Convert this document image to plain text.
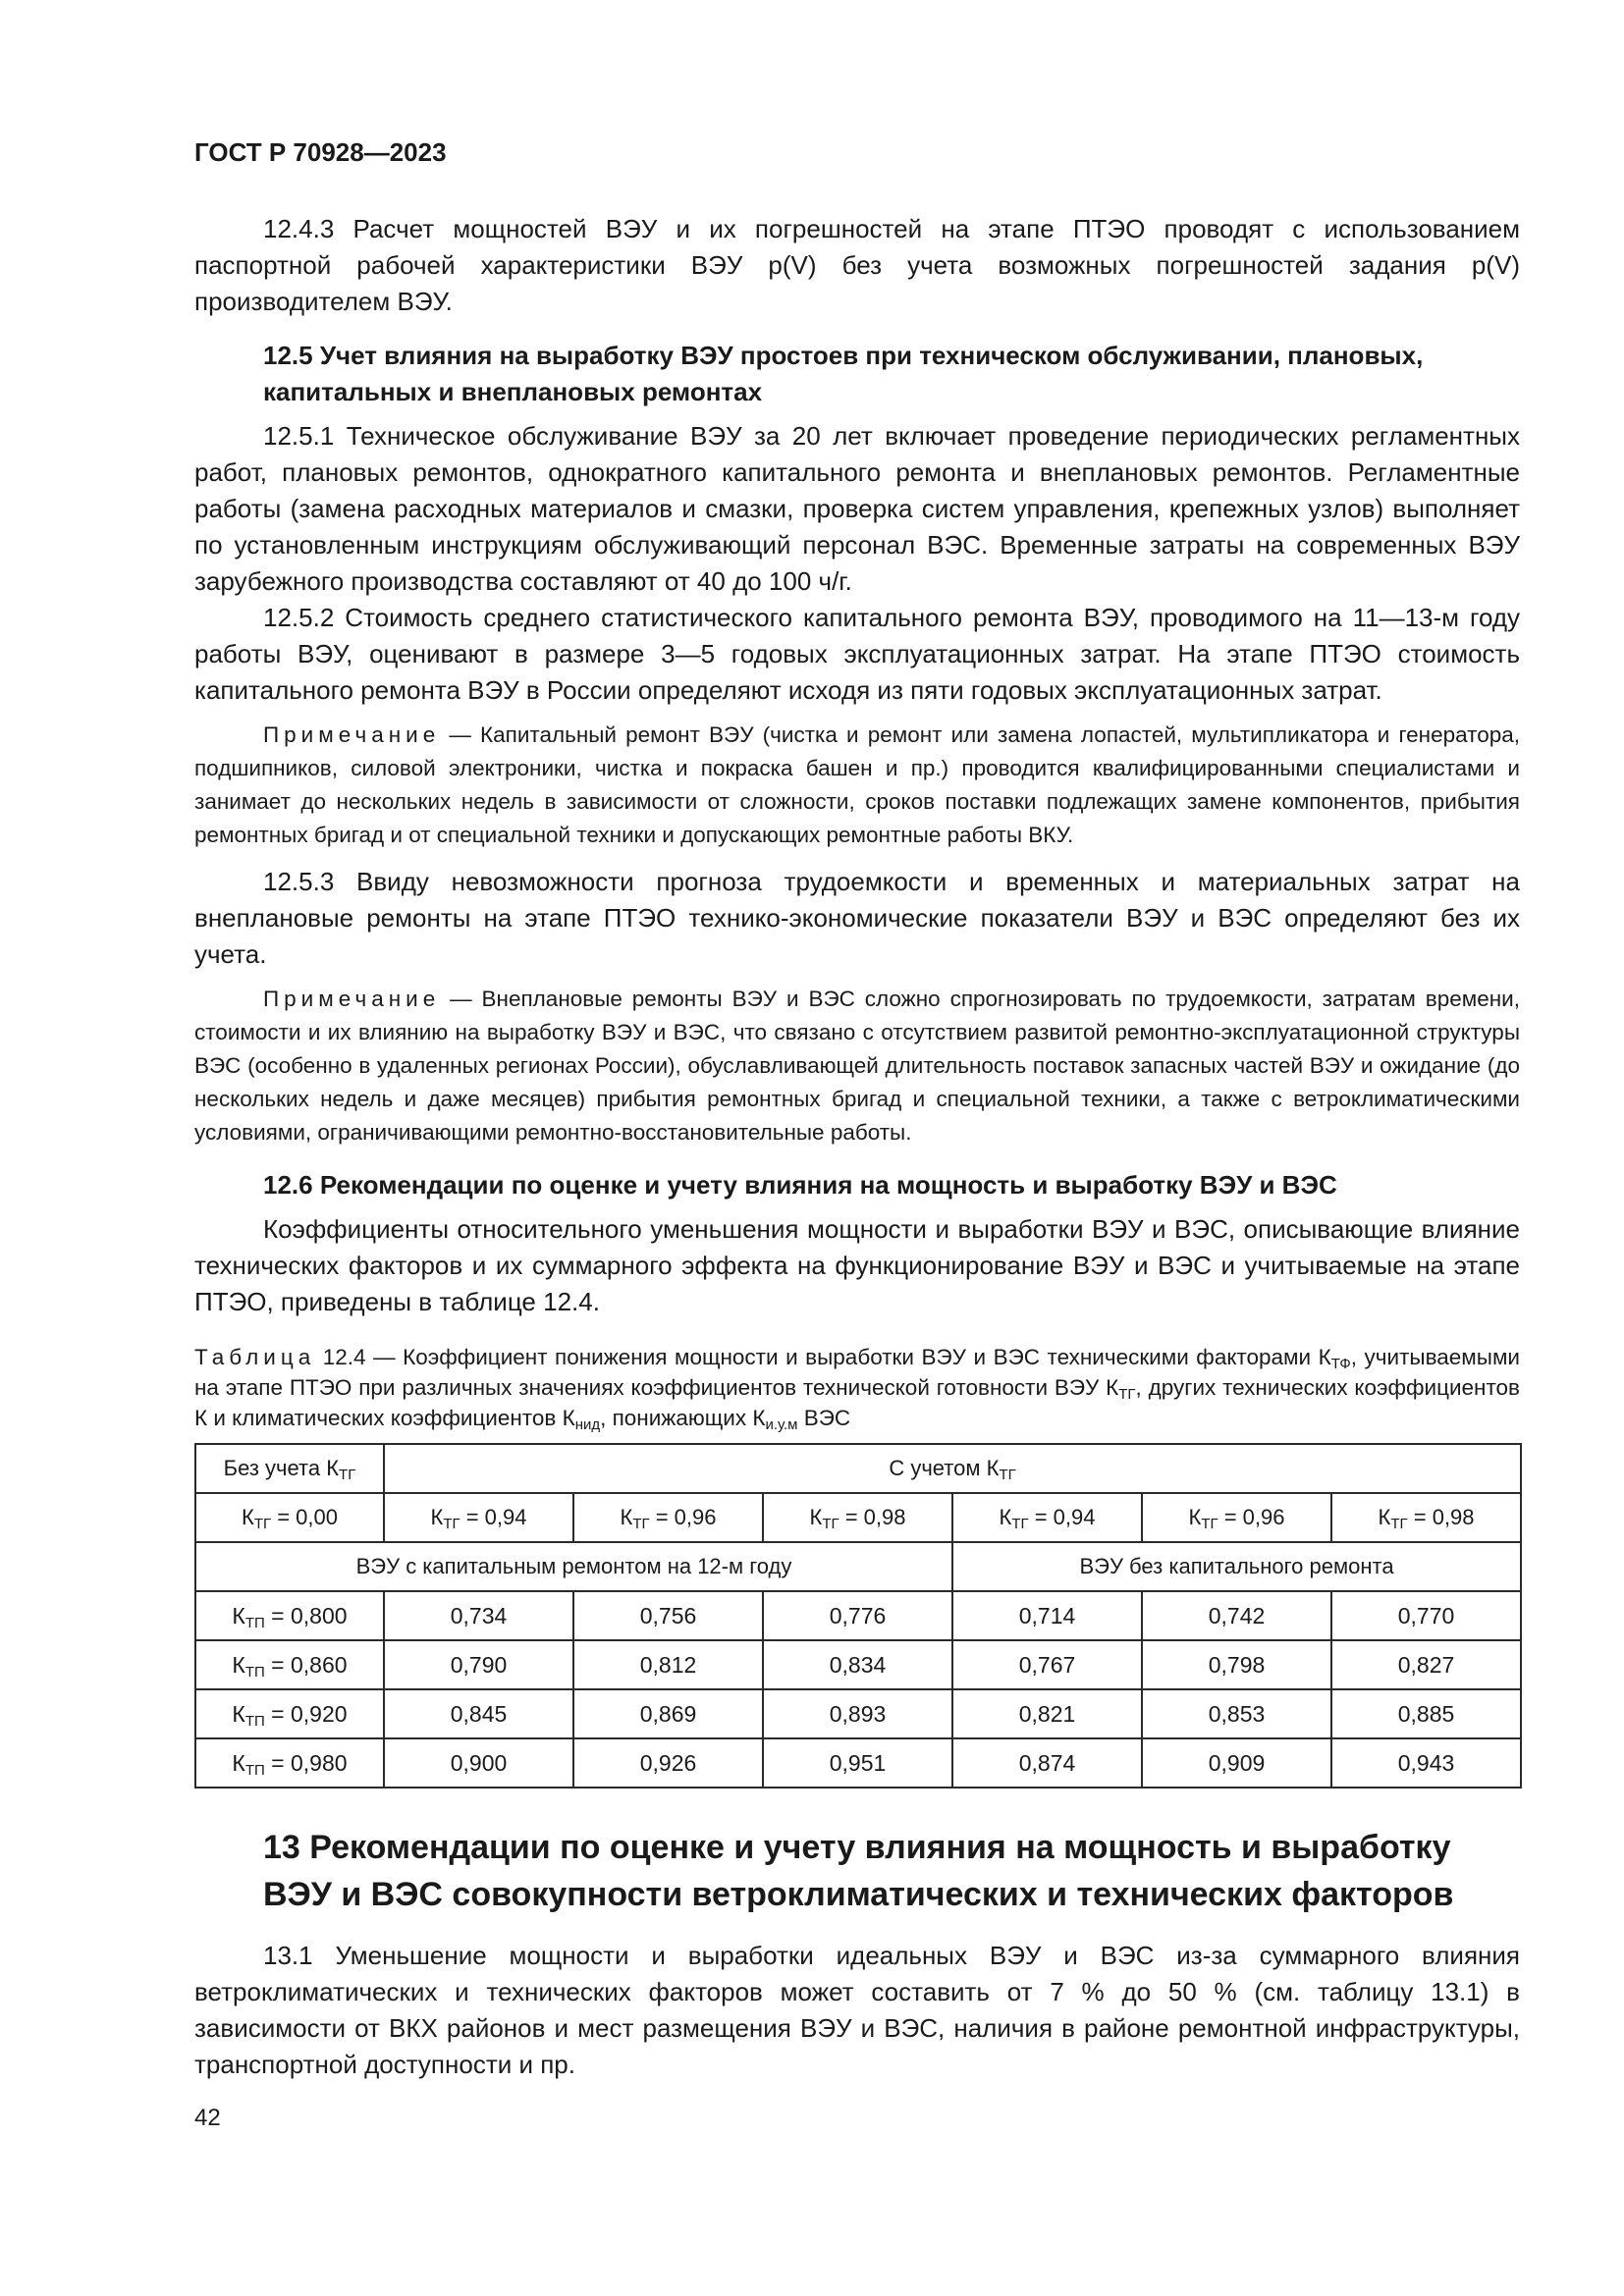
ГОСТ Р 70928—2023

12.4.3 Расчет мощностей ВЭУ и их погрешностей на этапе ПТЭО проводят с использованием паспортной рабочей характеристики ВЭУ p(V) без учета возможных погрешностей задания p(V) производителем ВЭУ.

12.5 Учет влияния на выработку ВЭУ простоев при техническом обслуживании, плановых, капитальных и внеплановых ремонтах

12.5.1 Техническое обслуживание ВЭУ за 20 лет включает проведение периодических регламентных работ, плановых ремонтов, однократного капитального ремонта и внеплановых ремонтов. Регламентные работы (замена расходных материалов и смазки, проверка систем управления, крепежных узлов) выполняет по установленным инструкциям обслуживающий персонал ВЭС. Временные затраты на современных ВЭУ зарубежного производства составляют от 40 до 100 ч/г.

12.5.2 Стоимость среднего статистического капитального ремонта ВЭУ, проводимого на 11—13-м году работы ВЭУ, оценивают в размере 3—5 годовых эксплуатационных затрат. На этапе ПТЭО стоимость капитального ремонта ВЭУ в России определяют исходя из пяти годовых эксплуатационных затрат.

Примечание — Капитальный ремонт ВЭУ (чистка и ремонт или замена лопастей, мультипликатора и генератора, подшипников, силовой электроники, чистка и покраска башен и пр.) проводится квалифицированными специалистами и занимает до нескольких недель в зависимости от сложности, сроков поставки подлежащих замене компонентов, прибытия ремонтных бригад и от специальной техники и допускающих ремонтные работы ВКУ.

12.5.3 Ввиду невозможности прогноза трудоемкости и временных и материальных затрат на внеплановые ремонты на этапе ПТЭО технико-экономические показатели ВЭУ и ВЭС определяют без их учета.

Примечание — Внеплановые ремонты ВЭУ и ВЭС сложно спрогнозировать по трудоемкости, затратам времени, стоимости и их влиянию на выработку ВЭУ и ВЭС, что связано с отсутствием развитой ремонтно-эксплуатационной структуры ВЭС (особенно в удаленных регионах России), обуславливающей длительность поставок запасных частей ВЭУ и ожидание (до нескольких недель и даже месяцев) прибытия ремонтных бригад и специальной техники, а также с ветроклиматическими условиями, ограничивающими ремонтно-восстановительные работы.

12.6 Рекомендации по оценке и учету влияния на мощность и выработку ВЭУ и ВЭС

Коэффициенты относительного уменьшения мощности и выработки ВЭУ и ВЭС, описывающие влияние технических факторов и их суммарного эффекта на функционирование ВЭУ и ВЭС и учитываемые на этапе ПТЭО, приведены в таблице 12.4.

Таблица 12.4 — Коэффициент понижения мощности и выработки ВЭУ и ВЭС техническими факторами $К_{ТФ}$, учитываемыми на этапе ПТЭО при различных значениях коэффициентов технической готовности ВЭУ $К_{ТГ}$, других технических коэффициентов К и климатических коэффициентов $К_{нид}$, понижающих $К_{и.у.м}$ ВЭС
Без учета $К_{ТГ}$	С учетом $К_{ТГ}$
$К_{ТГ} = 0,00$	$К_{ТГ} = 0,94$	$К_{ТГ} = 0,96$	$К_{ТГ} = 0,98$	$К_{ТГ} = 0,94$	$К_{ТГ} = 0,96$	$К_{ТГ} = 0,98$
ВЭУ с капитальным ремонтом на 12-м году				ВЭУ без капитального ремонта		
$К_{ТП} = 0,800$	0,734	0,756	0,776	0,714	0,742	0,770
$К_{ТП} = 0,860$	0,790	0,812	0,834	0,767	0,798	0,827
$К_{ТП} = 0,920$	0,845	0,869	0,893	0,821	0,853	0,885
$К_{ТП} = 0,980$	0,900	0,926	0,951	0,874	0,909	0,943
13 Рекомендации по оценке и учету влияния на мощность и выработку ВЭУ и ВЭС совокупности ветроклиматических и технических факторов

13.1 Уменьшение мощности и выработки идеальных ВЭУ и ВЭС из-за суммарного влияния ветроклиматических и технических факторов может составить от 7 % до 50 % (см. таблицу 13.1) в зависимости от ВКХ районов и мест размещения ВЭУ и ВЭС, наличия в районе ремонтной инфраструктуры, транспортной доступности и пр.

42
